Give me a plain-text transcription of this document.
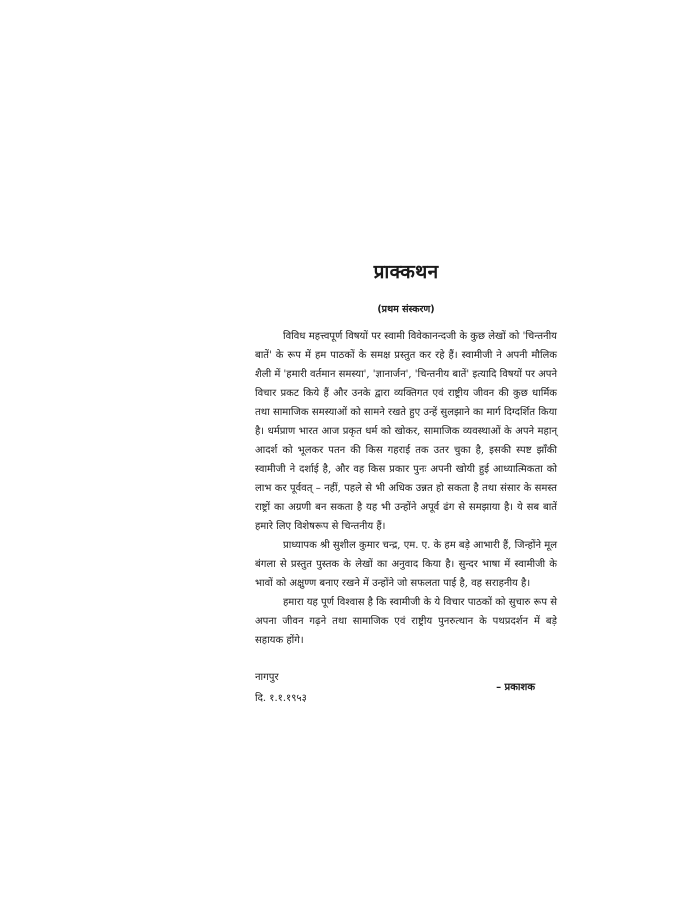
प्राक्कथन
(प्रथम संस्करण)

विविध महत्त्वपूर्ण विषयों पर स्वामी विवेकानन्दजी के कुछ लेखों को 'चिन्तनीय बातें' के रूप में हम पाठकों के समक्ष प्रस्तुत कर रहे हैं। स्वामीजी ने अपनी मौलिक शैली में 'हमारी वर्तमान समस्या', 'ज्ञानार्जन', 'चिन्तनीय बातें' इत्यादि विषयों पर अपने विचार प्रकट किये हैं और उनके द्वारा व्यक्तिगत एवं राष्ट्रीय जीवन की कुछ धार्मिक तथा सामाजिक समस्याओं को सामने रखते हुए उन्हें सुलझाने का मार्ग दिग्दर्शित किया है। धर्मप्राण भारत आज प्रकृत धर्म को खोकर, सामाजिक व्यवस्थाओं के अपने महान् आदर्श को भूलकर पतन की किस गहराई तक उतर चुका है, इसकी स्पष्ट झाँकी स्वामीजी ने दर्शाई है, और वह किस प्रकार पुनः अपनी खोयी हुई आध्यात्मिकता को लाभ कर पूर्ववत् – नहीं, पहले से भी अधिक उन्नत हो सकता है तथा संसार के समस्त राष्ट्रों का अग्रणी बन सकता है यह भी उन्होंने अपूर्व ढंग से समझाया है। ये सब बातें हमारे लिए विशेषरूप से चिन्तनीय हैं।

प्राध्यापक श्री सुशील कुमार चन्द्र, एम. ए. के हम बड़े आभारी हैं, जिन्होंने मूल बंगला से प्रस्तुत पुस्तक के लेखों का अनुवाद किया है। सुन्दर भाषा में स्वामीजी के भावों को अक्षुण्ण बनाए रखने में उन्होंने जो सफलता पाई है, वह सराहनीय है।

हमारा यह पूर्ण विश्वास है कि स्वामीजी के ये विचार पाठकों को सुचारु रूप से अपना जीवन गढ़ने तथा सामाजिक एवं राष्ट्रीय पुनरुत्थान के पथप्रदर्शन में बड़े सहायक होंगे।

नागपुर
दि. १.१.१९५३
– प्रकाशक
